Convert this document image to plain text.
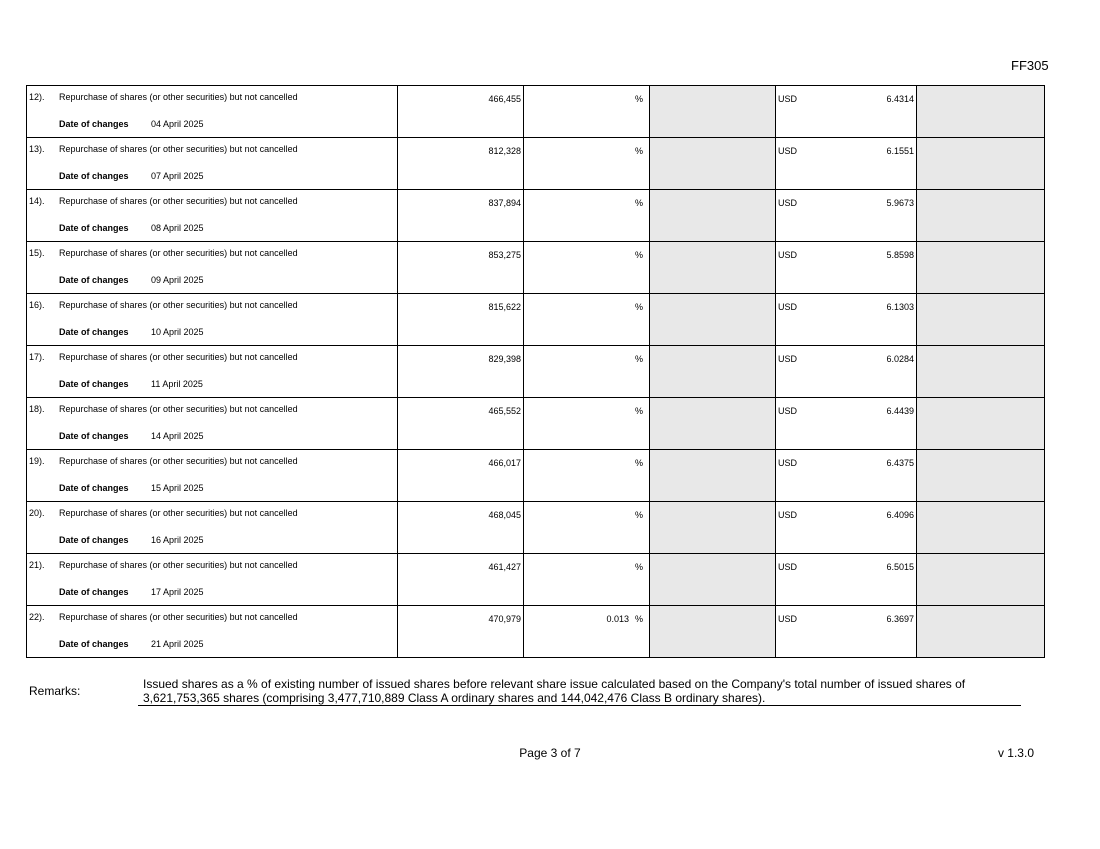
FF305
12). Repurchase of shares (or other securities) but not cancelled
Date of changes 04 April 2025	466,455	%		USD 6.4314	

13). Repurchase of shares (or other securities) but not cancelled
Date of changes 07 April 2025	812,328	%		USD 6.1551	

14). Repurchase of shares (or other securities) but not cancelled
Date of changes 08 April 2025	837,894	%		USD 5.9673	

15). Repurchase of shares (or other securities) but not cancelled
Date of changes 09 April 2025	853,275	%		USD 5.8598	

16). Repurchase of shares (or other securities) but not cancelled
Date of changes 10 April 2025	815,622	%		USD 6.1303	

17). Repurchase of shares (or other securities) but not cancelled
Date of changes 11 April 2025	829,398	%		USD 6.0284	

18). Repurchase of shares (or other securities) but not cancelled
Date of changes 14 April 2025	465,552	%		USD 6.4439	

19). Repurchase of shares (or other securities) but not cancelled
Date of changes 15 April 2025	466,017	%		USD 6.4375	

20). Repurchase of shares (or other securities) but not cancelled
Date of changes 16 April 2025	468,045	%		USD 6.4096	

21). Repurchase of shares (or other securities) but not cancelled
Date of changes 17 April 2025	461,427	%		USD 6.5015	

22). Repurchase of shares (or other securities) but not cancelled
Date of changes 21 April 2025	470,979	0.013 %		USD 6.3697	

Remarks:	Issued shares as a % of existing number of issued shares before relevant share issue calculated based on the Company's total number of issued shares of 3,621,753,365 shares (comprising 3,477,710,889 Class A ordinary shares and 144,042,476 Class B ordinary shares).
Page 3 of 7	v 1.3.0
